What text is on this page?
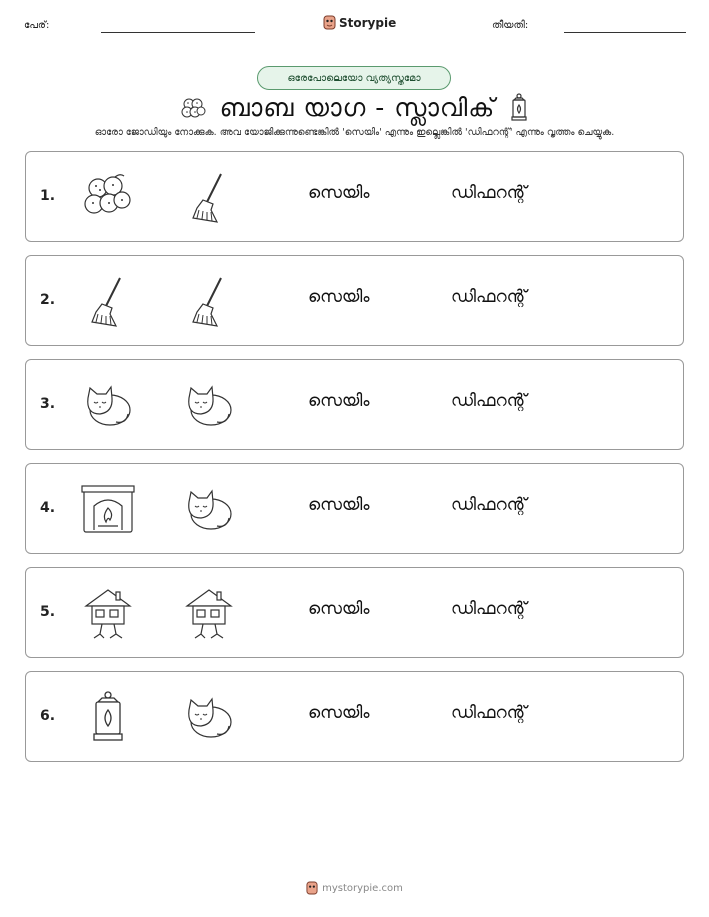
പേര്:	Storypie	തീയതി:
ഒരേപോലെയോ വ്യത്യസ്തമോ
ബാബ യാഗ - സ്ലാവിക്
ഓരോ ജോഡിയും നോക്കുക. അവ യോജിക്കുന്നുണ്ടെങ്കിൽ 'സെയിം' എന്നും ഇല്ലെങ്കിൽ 'ഡിഫറന്റ്' എന്നും വൃത്തം ചെയ്യുക.
1.	സെയിം	ഡിഫറന്റ്
2.	സെയിം	ഡിഫറന്റ്
3.	സെയിം	ഡിഫറന്റ്
4.	സെയിം	ഡിഫറന്റ്
5.	സെയിം	ഡിഫറന്റ്
6.	സെയിം	ഡിഫറന്റ്
mystorypie.com
